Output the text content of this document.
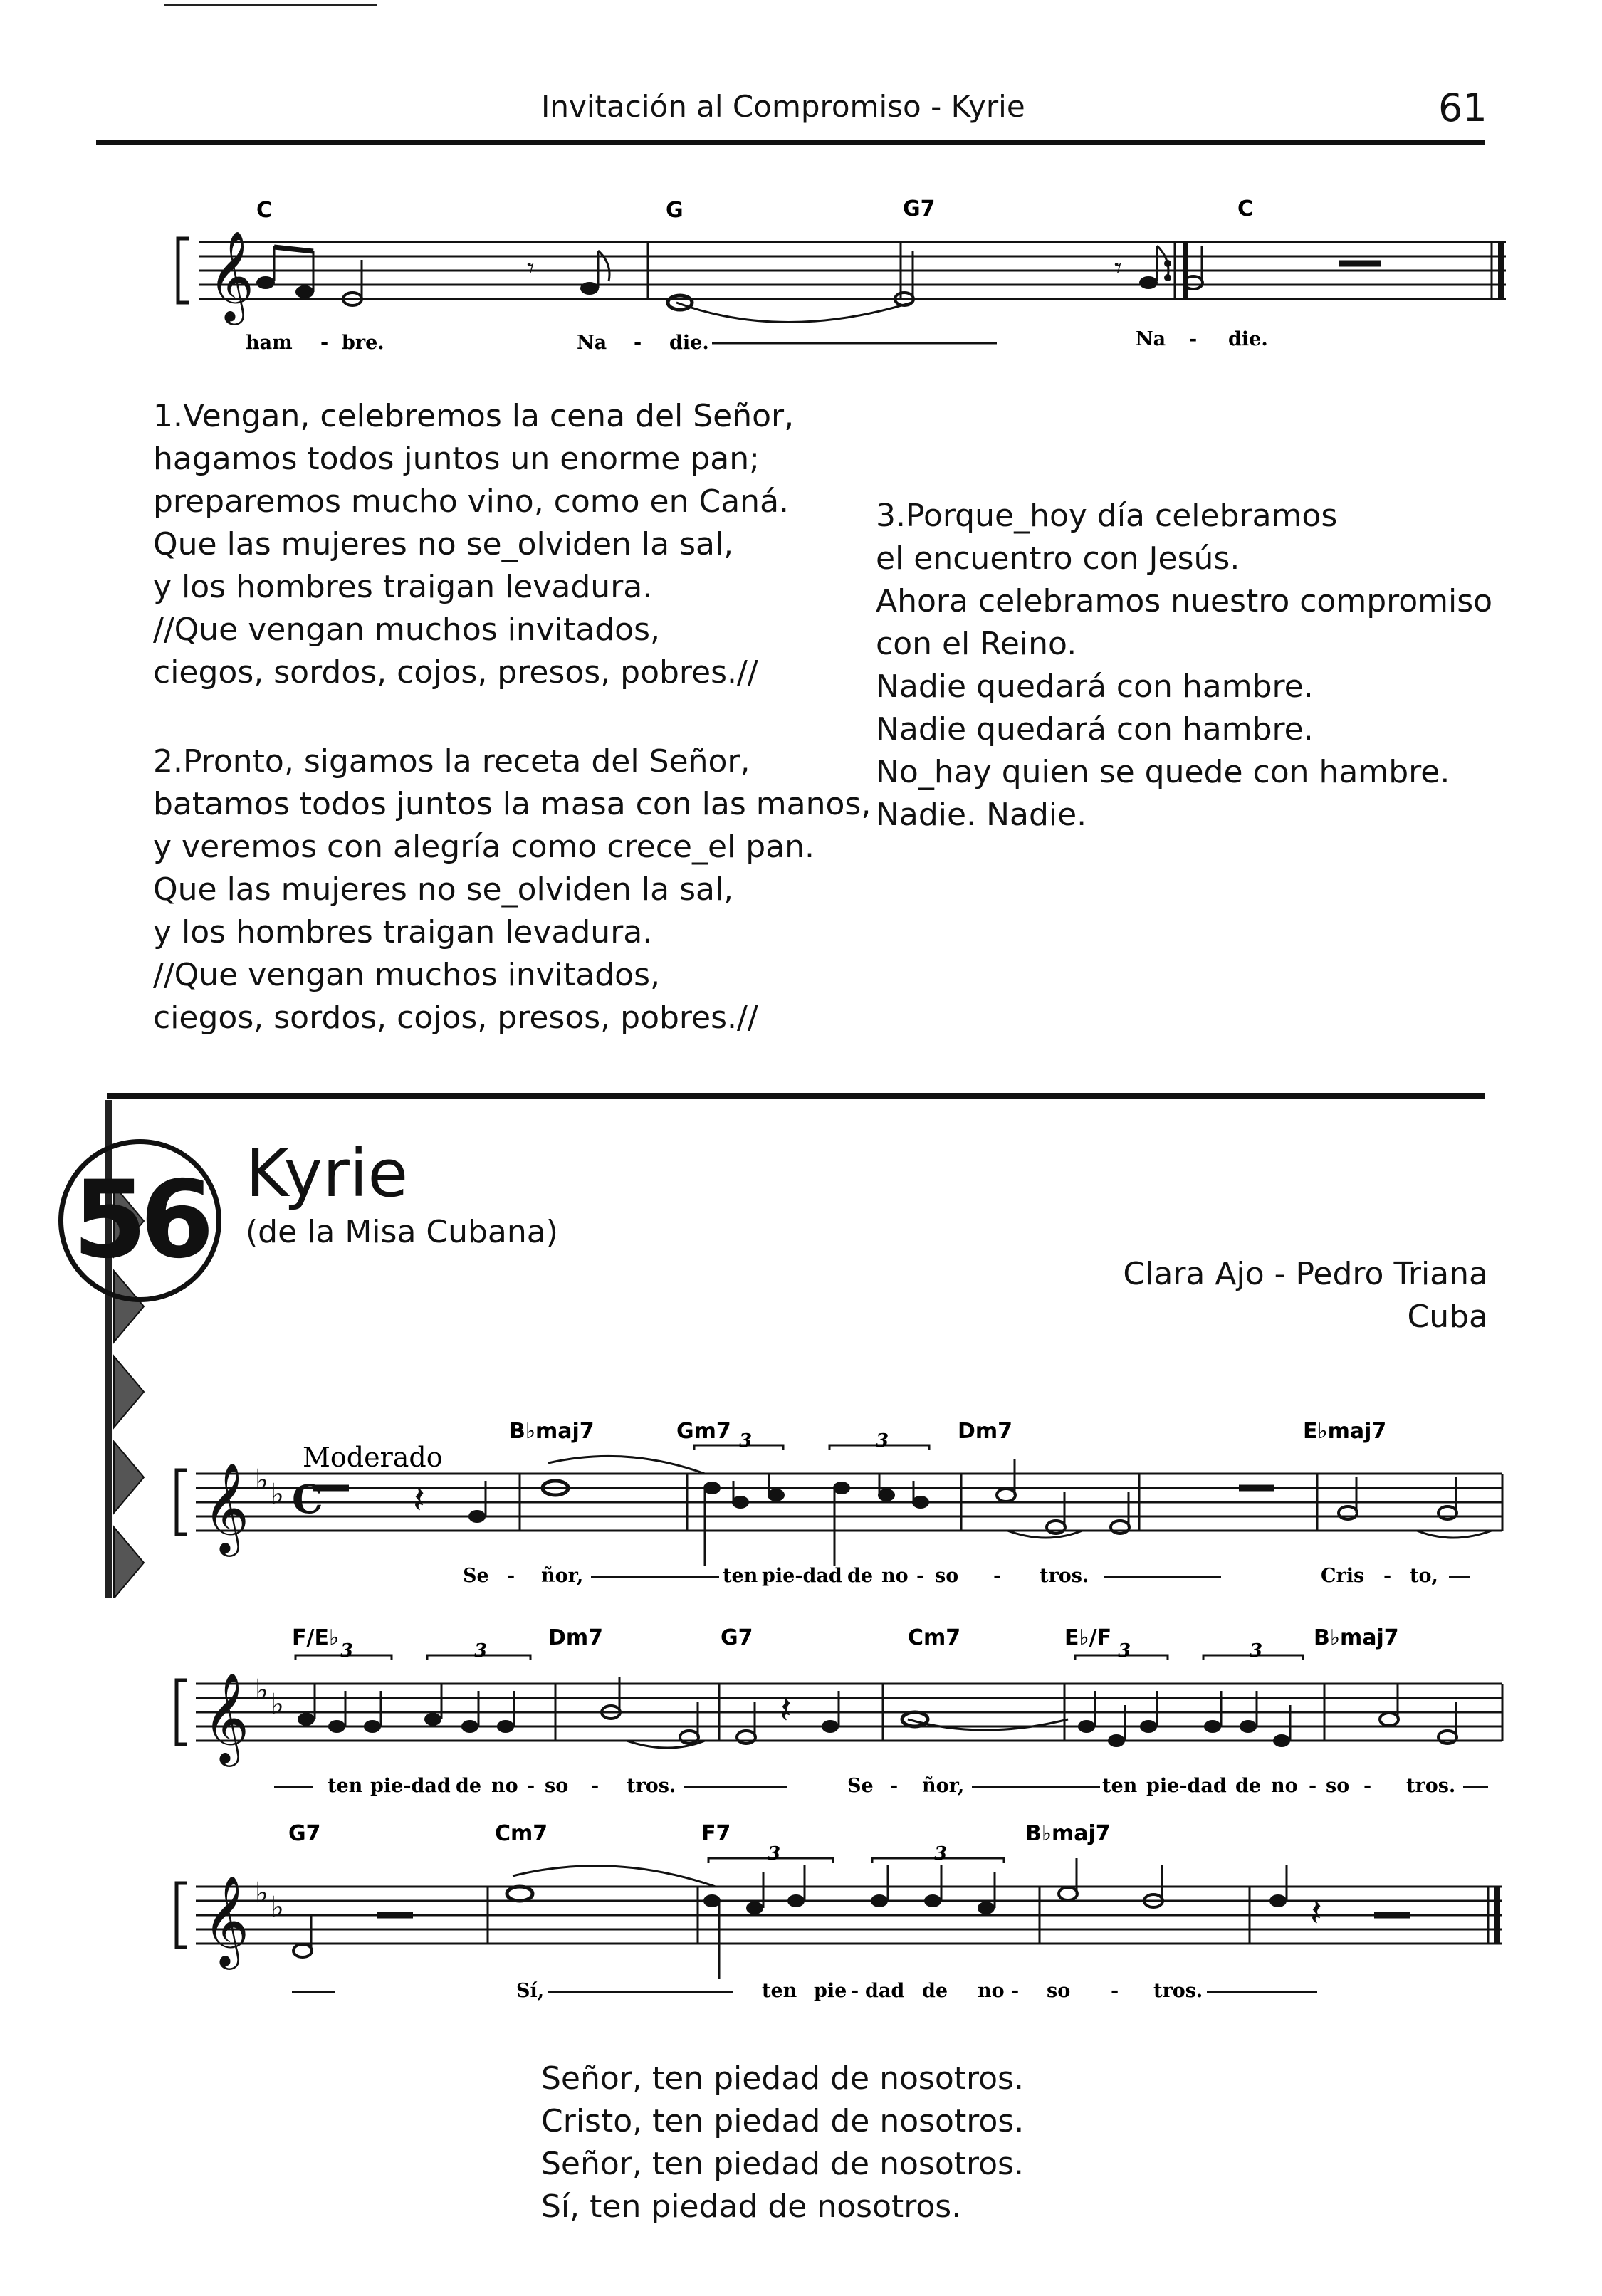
Invitación al Compromiso - Kyrie	61
𝄞	𝄾	𝄾
C	G	G7	C
ham - bre.	Na - die.	Na - die.
1.Vengan, celebremos la cena del Señor,
hagamos todos juntos un enorme pan;
preparemos mucho vino, como en Caná.
Que las mujeres no se_olviden la sal,
y los hombres traigan levadura.
//Que vengan muchos invitados,
ciegos, sordos, cojos, presos, pobres.//
2.Pronto, sigamos la receta del Señor,
batamos todos juntos la masa con las manos,
y veremos con alegría como crece_el pan.
Que las mujeres no se_olviden la sal,
y los hombres traigan levadura.
//Que vengan muchos invitados,
ciegos, sordos, cojos, presos, pobres.//
3.Porque_hoy día celebramos
el encuentro con Jesús.
Ahora celebramos nuestro compromiso
con el Reino.
Nadie quedará con hambre.
Nadie quedará con hambre.
No_hay quien se quede con hambre.
Nadie. Nadie.
56 Kyrie
(de la Misa Cubana)
Clara Ajo - Pedro Triana
Cuba
𝄞 ♭ ♭ C 𝄽
3	3
Moderado
B♭maj7	Gm7	Dm7	E♭maj7
Se - ñor,	ten pie-dad de no - so - tros.	Cris - to,
𝄞 ♭ ♭	𝄽
3	3	3	3
F/E♭	Dm7	G7	Cm7	E♭/F	B♭maj7
ten pie-dad de no - so - tros.	Se - ñor,	ten pie-dad de no - so - tros.
𝄞 ♭ ♭	𝄽
3	3
G7	Cm7	F7	B♭maj7
Sí,	ten pie - dad de no - so - tros.
Señor, ten piedad de nosotros.
Cristo, ten piedad de nosotros.
Señor, ten piedad de nosotros.
Sí, ten piedad de nosotros.
